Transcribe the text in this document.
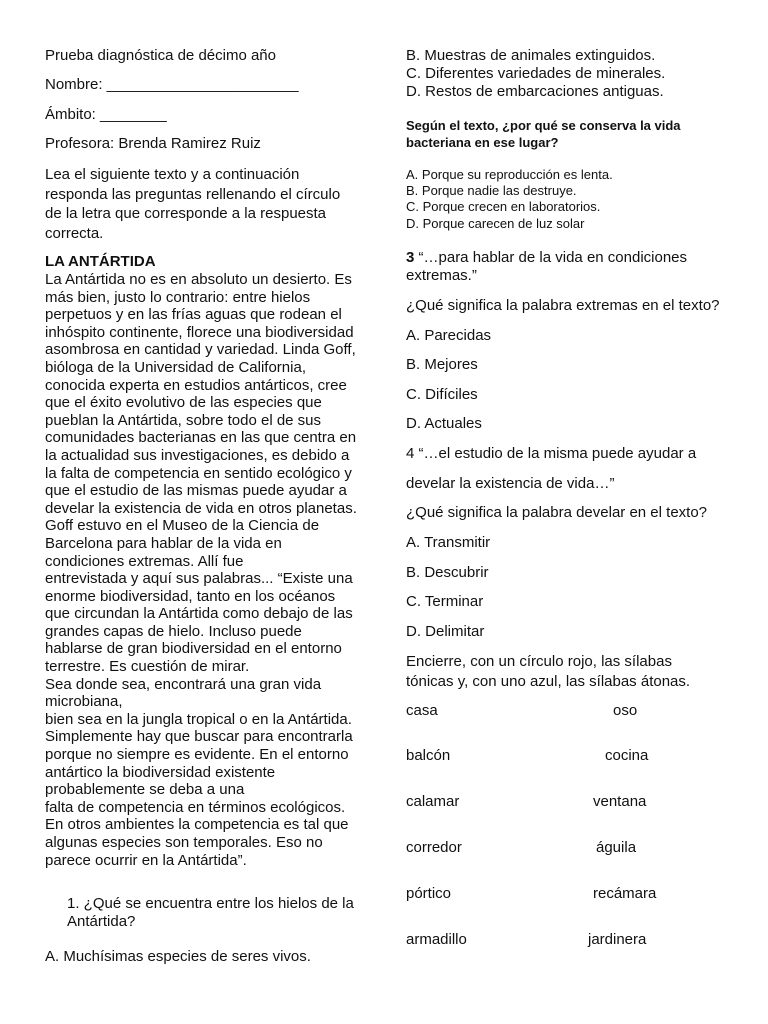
Prueba diagnóstica de décimo año

Nombre: _______________________

Ámbito: ________

Profesora: Brenda Ramirez Ruiz

Lea el siguiente texto y a continuación responda las preguntas rellenando el círculo de la letra que corresponde a la respuesta correcta.

LA ANTÁRTIDA

La Antártida no es en absoluto un desierto. Es
más bien, justo lo contrario: entre hielos
perpetuos y en las frías aguas que rodean el
inhóspito continente, florece una biodiversidad
asombrosa en cantidad y variedad. Linda Goff,
bióloga de la Universidad de California,
conocida experta en estudios antárticos, cree
que el éxito evolutivo de las especies que
pueblan la Antártida, sobre todo el de sus
comunidades bacterianas en las que centra en
la actualidad sus investigaciones, es debido a
la falta de competencia en sentido ecológico y
que el estudio de las mismas puede ayudar a
develar la existencia de vida en otros planetas.
Goff estuvo en el Museo de la Ciencia de
Barcelona para hablar de la vida en
condiciones extremas. Allí fue
entrevistada y aquí sus palabras... “Existe una
enorme biodiversidad, tanto en los océanos
que circundan la Antártida como debajo de las
grandes capas de hielo. Incluso puede
hablarse de gran biodiversidad en el entorno
terrestre. Es cuestión de mirar.
Sea donde sea, encontrará una gran vida
microbiana,
bien sea en la jungla tropical o en la Antártida.
Simplemente hay que buscar para encontrarla
porque no siempre es evidente. En el entorno
antártico la biodiversidad existente
probablemente se deba a una
falta de competencia en términos ecológicos.
En otros ambientes la competencia es tal que
algunas especies son temporales. Eso no
parece ocurrir en la Antártida”.
1. ¿Qué se encuentra entre los hielos de la Antártida?

A. Muchísimas especies de seres vivos.

B. Muestras de animales extinguidos.

C. Diferentes variedades de minerales.

D. Restos de embarcaciones antiguas.

Según el texto, ¿por qué se conserva la vida bacteriana en ese lugar?

A. Porque su reproducción es lenta.

B. Porque nadie las destruye.

C. Porque crecen en laboratorios.

D. Porque carecen de luz solar

3 “…para hablar de la vida en condiciones extremas.”

¿Qué significa la palabra extremas en el texto?

A. Parecidas

B. Mejores

C. Difíciles

D. Actuales

4 “…el estudio de la misma puede ayudar a

develar la existencia de vida…”

¿Qué significa la palabra develar en el texto?

A. Transmitir

B. Descubrir

C. Terminar

D. Delimitar

Encierre, con un círculo rojo, las sílabas tónicas y, con uno azul, las sílabas átonas.

casa	oso

balcón	cocina

calamar	ventana

corredor	águila

pórtico	recámara

armadillo	jardinera
